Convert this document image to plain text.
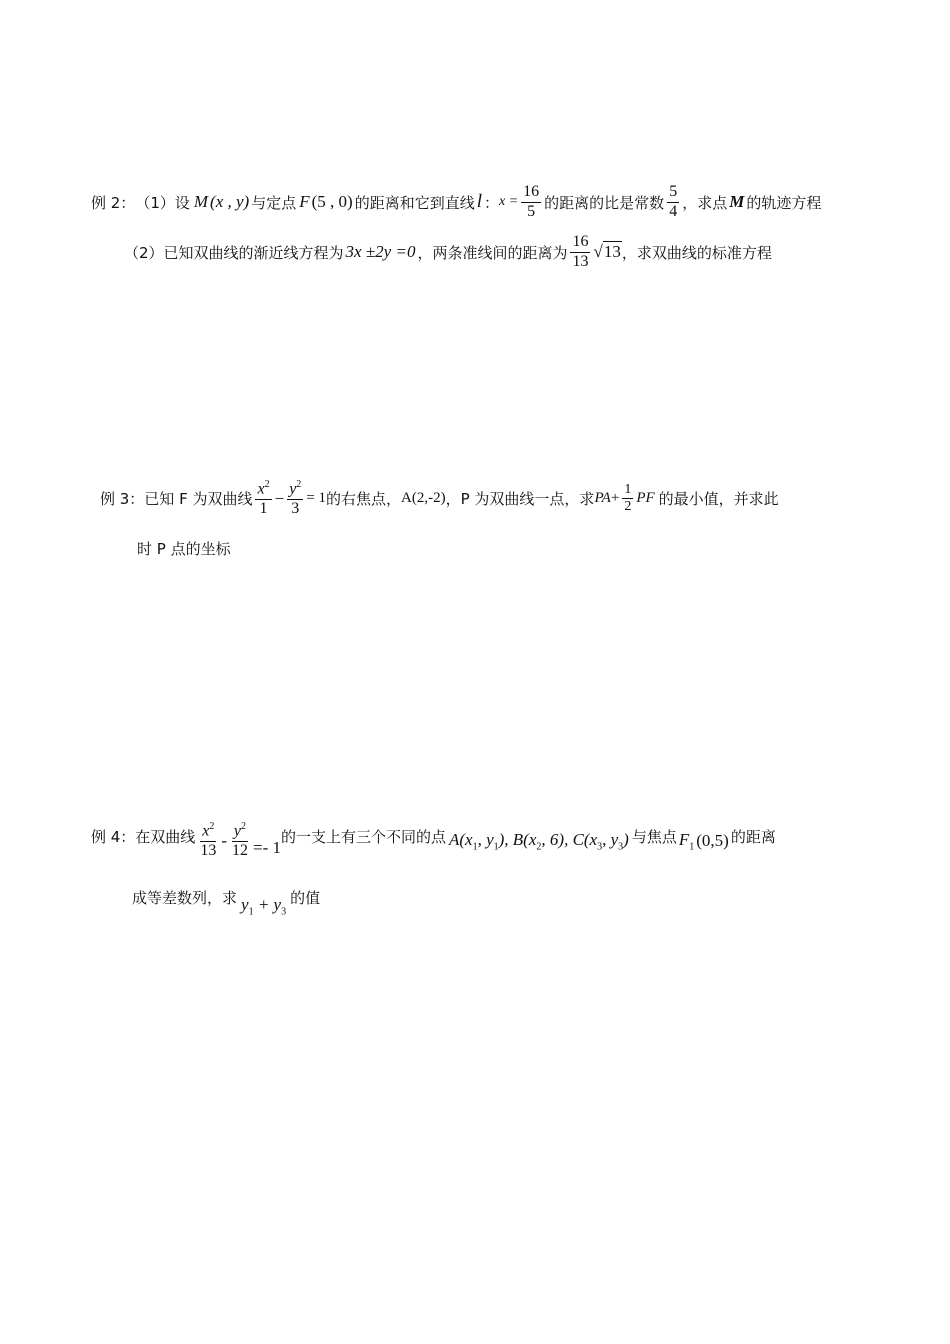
例 2： （1）设 M (x , y) 与定点 F (5 , 0) 的距离和它到直线 l ： $x = \frac{16}{5}$ 的距离的比是常数 $\frac{5}{4}$ ，求点 M 的轨迹方程
（2）已知双曲线的渐近线方程为 3x ±2y =0 ，两条准线间的距离为 $\frac{16}{13} √13$ ，求双曲线的标准方程
例 3：已知 F 为双曲线 $\frac{x^2}{1} - \frac{y^2}{3} = 1$ 的右焦点， A(2,-2) ，P 为双曲线一点，求 PA + $\frac{1}{2}$ PF 的最小值，并求此
时 P 点的坐标
例 4：在双曲线 $\frac{x^2}{13} - \frac{y^2}{12} =- 1$
的一支上有三个不同的点 $A(x_1$, $y_1$), $B(x_2$, 6), $C(x_3$, $y_3$) 与焦点 $F_1$ (0,5) 的距离
成等差数列，求 $y_1 + y_3$
的值
